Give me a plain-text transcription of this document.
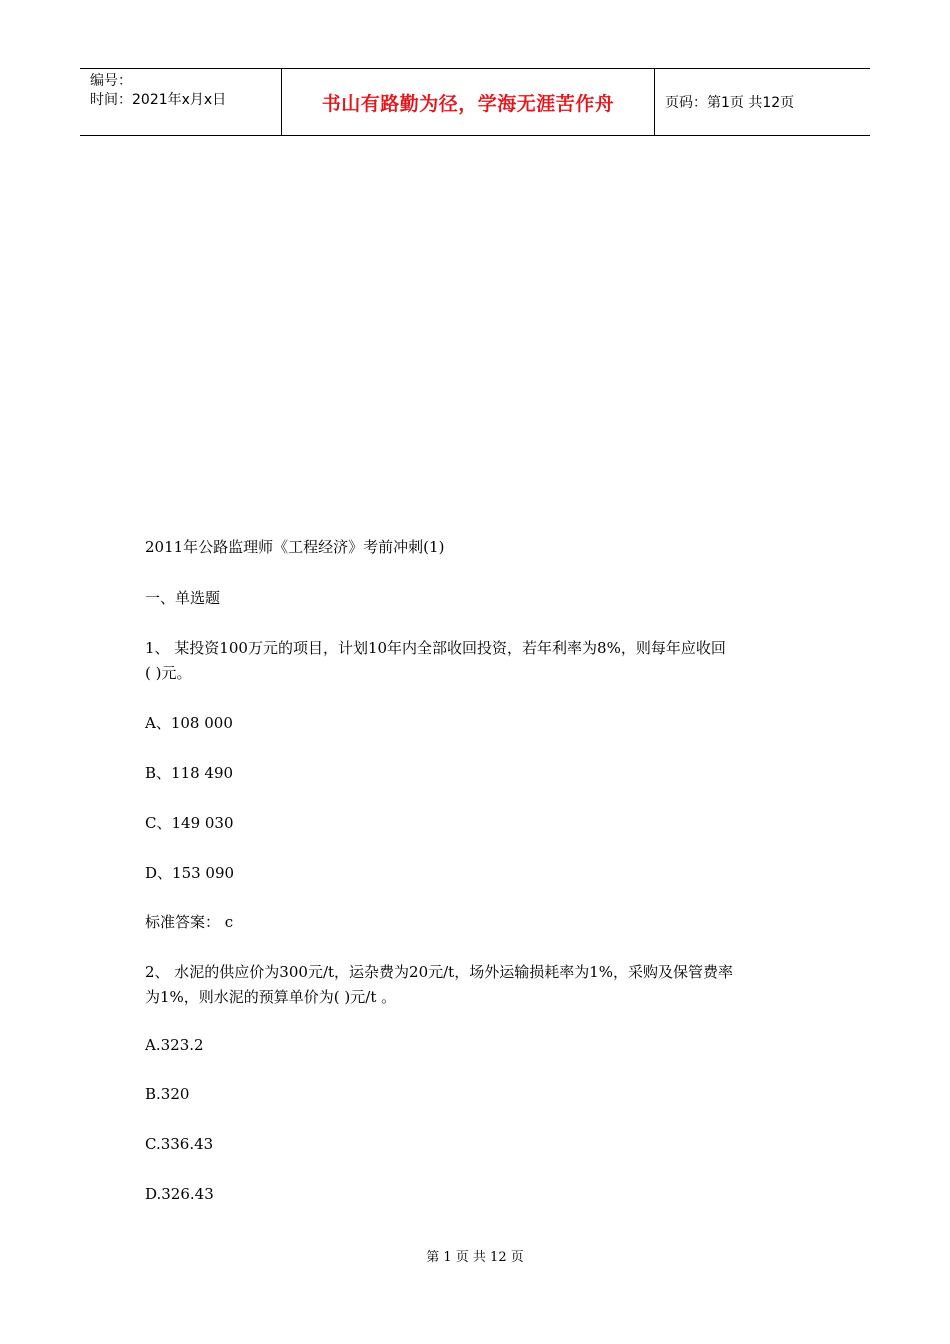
编号：
时间：2021年x月x日	书山有路勤为径，学海无涯苦作舟	页码：第1页 共12页
2011年公路监理师《工程经济》考前冲刺(1)
一、单选题
1、 某投资100万元的项目，计划10年内全部收回投资，若年利率为8%，则每年应收回
( )元。
A、108 000
B、118 490
C、149 030
D、153 090
标准答案： c
2、 水泥的供应价为300元/t，运杂费为20元/t，场外运输损耗率为1%，采购及保管费率
为1%，则水泥的预算单价为( )元/t 。
A.323.2
B.320
C.336.43
D.326.43
第 1 页 共 12 页
